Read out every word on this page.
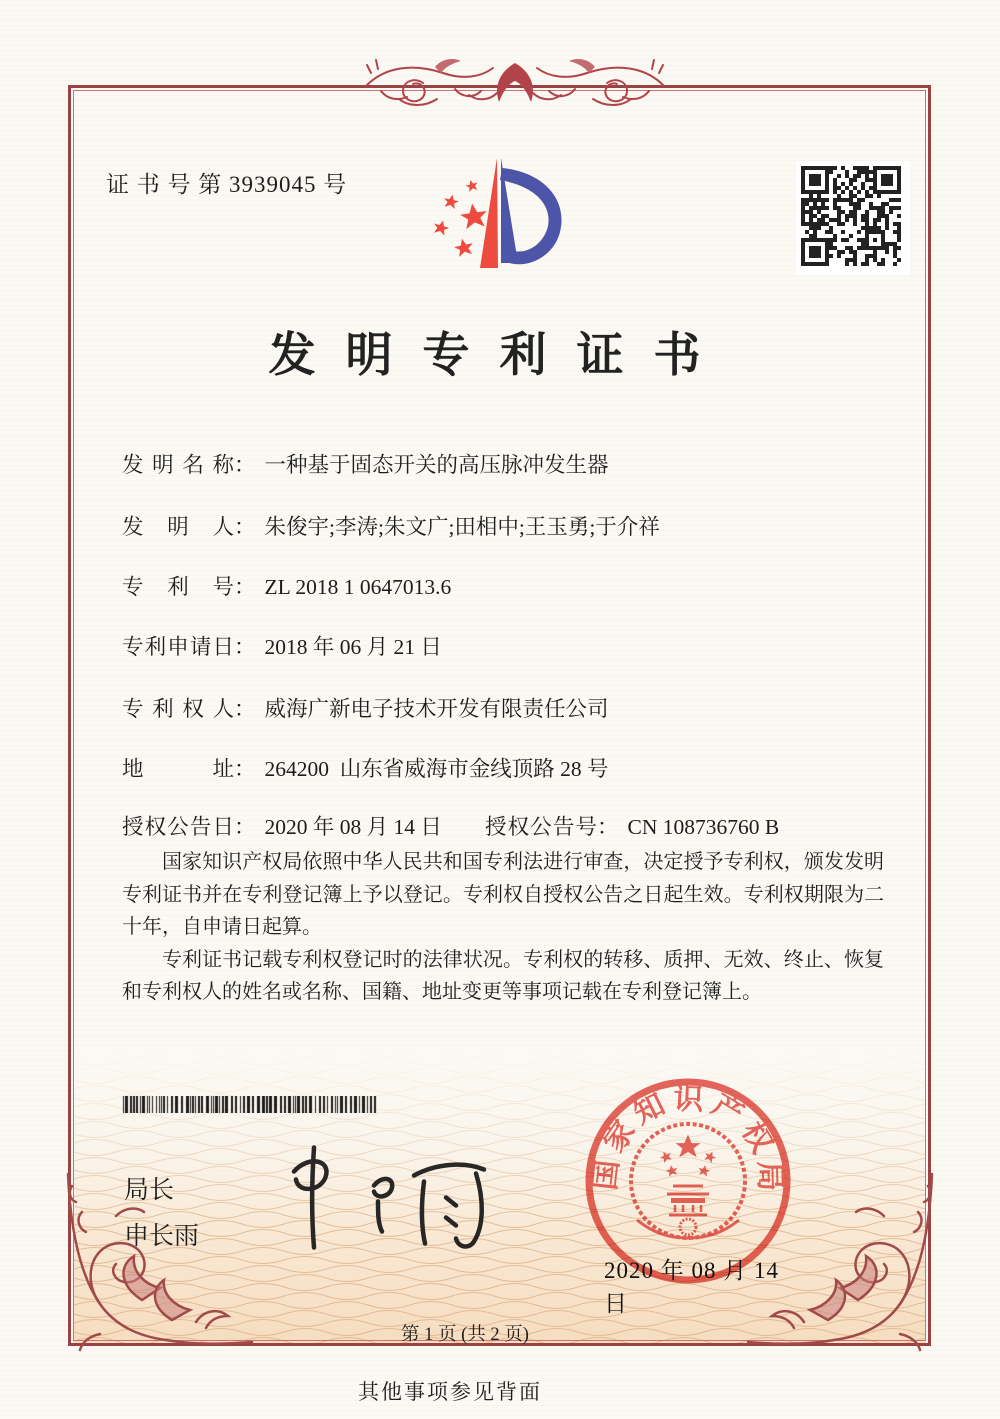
证 书 号 第 3939045 号
发明专利证书
发明名称： 一种基于固态开关的高压脉冲发生器
发明人： 朱俊宇;李涛;朱文广;田相中;王玉勇;于介祥
专利号： ZL 2018 1 0647013.6
专利申请日： 2018 年 06 月 21 日
专利权人： 威海广新电子技术开发有限责任公司
地址： 264200  山东省威海市金线顶路 28 号
授权公告日： 2020 年 08 月 14 日 授权公告号： CN 108736760 B

国家知识产权局依照中华人民共和国专利法进行审查，决定授予专利权，颁发发明专利证书并在专利登记簿上予以登记。专利权自授权公告之日起生效。专利权期限为二十年，自申请日起算。

专利证书记载专利权登记时的法律状况。专利权的转移、质押、无效、终止、恢复和专利权人的姓名或名称、国籍、地址变更等事项记载在专利登记簿上。

局长
申长雨
国家知识产权局
2020 年 08 月 14 日
第 1 页 (共 2 页)
其他事项参见背面
